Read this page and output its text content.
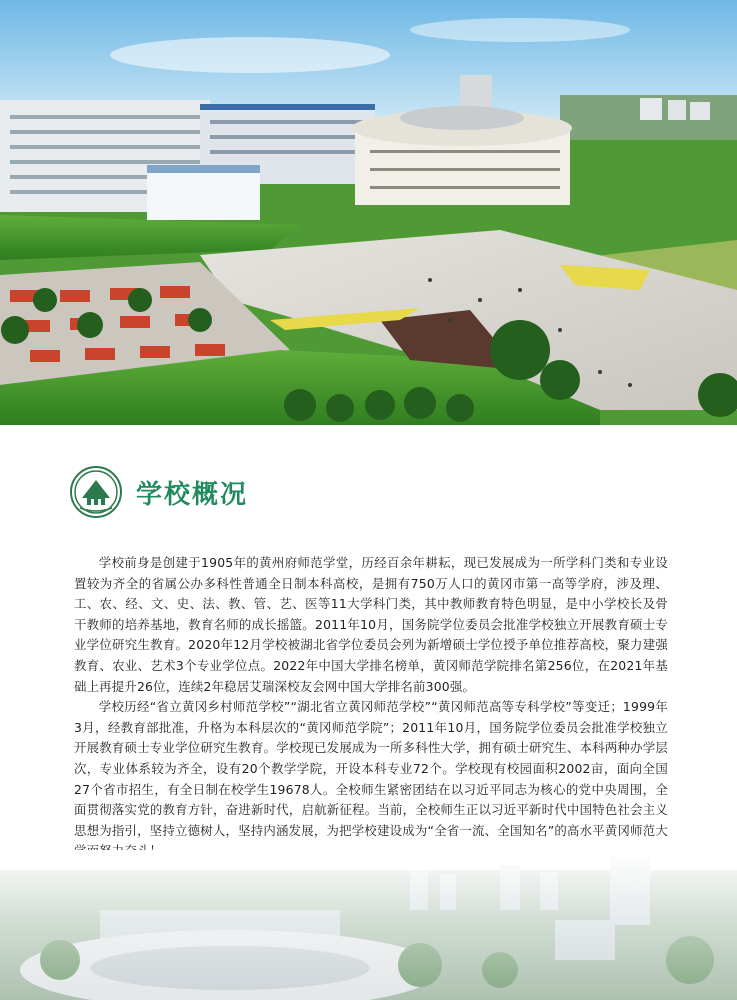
学校概况

学校前身是创建于1905年的黄州府师范学堂，历经百余年耕耘，现已发展成为一所学科门类和专业设置较为齐全的省属公办多科性普通全日制本科高校，是拥有750万人口的黄冈市第一高等学府，涉及理、工、农、经、文、史、法、教、管、艺、医等11大学科门类，其中教师教育特色明显，是中小学校长及骨干教师的培养基地，教育名师的成长摇篮。2011年10月，国务院学位委员会批准学校独立开展教育硕士专业学位研究生教育。2020年12月学校被湖北省学位委员会列为新增硕士学位授予单位推荐高校，聚力建强教育、农业、艺术3个专业学位点。2022年中国大学排名榜单，黄冈师范学院排名第256位，在2021年基础上再提升26位，连续2年稳居艾瑞深校友会网中国大学排名前300强。

学校历经“省立黄冈乡村师范学校”“湖北省立黄冈师范学校”“黄冈师范高等专科学校”等变迁；1999年3月，经教育部批准，升格为本科层次的“黄冈师范学院”；2011年10月，国务院学位委员会批准学校独立开展教育硕士专业学位研究生教育。学校现已发展成为一所多科性大学，拥有硕士研究生、本科两种办学层次，专业体系较为齐全，设有20个教学学院，开设本科专业72个。学校现有校园面积2002亩，面向全国27个省市招生，有全日制在校学生19678人。全校师生紧密团结在以习近平同志为核心的党中央周围，全面贯彻落实党的教育方针，奋进新时代，启航新征程。当前，全校师生正以习近平新时代中国特色社会主义思想为指引，坚持立德树人，坚持内涵发展，为把学校建设成为“全省一流、全国知名”的高水平黄冈师范大
